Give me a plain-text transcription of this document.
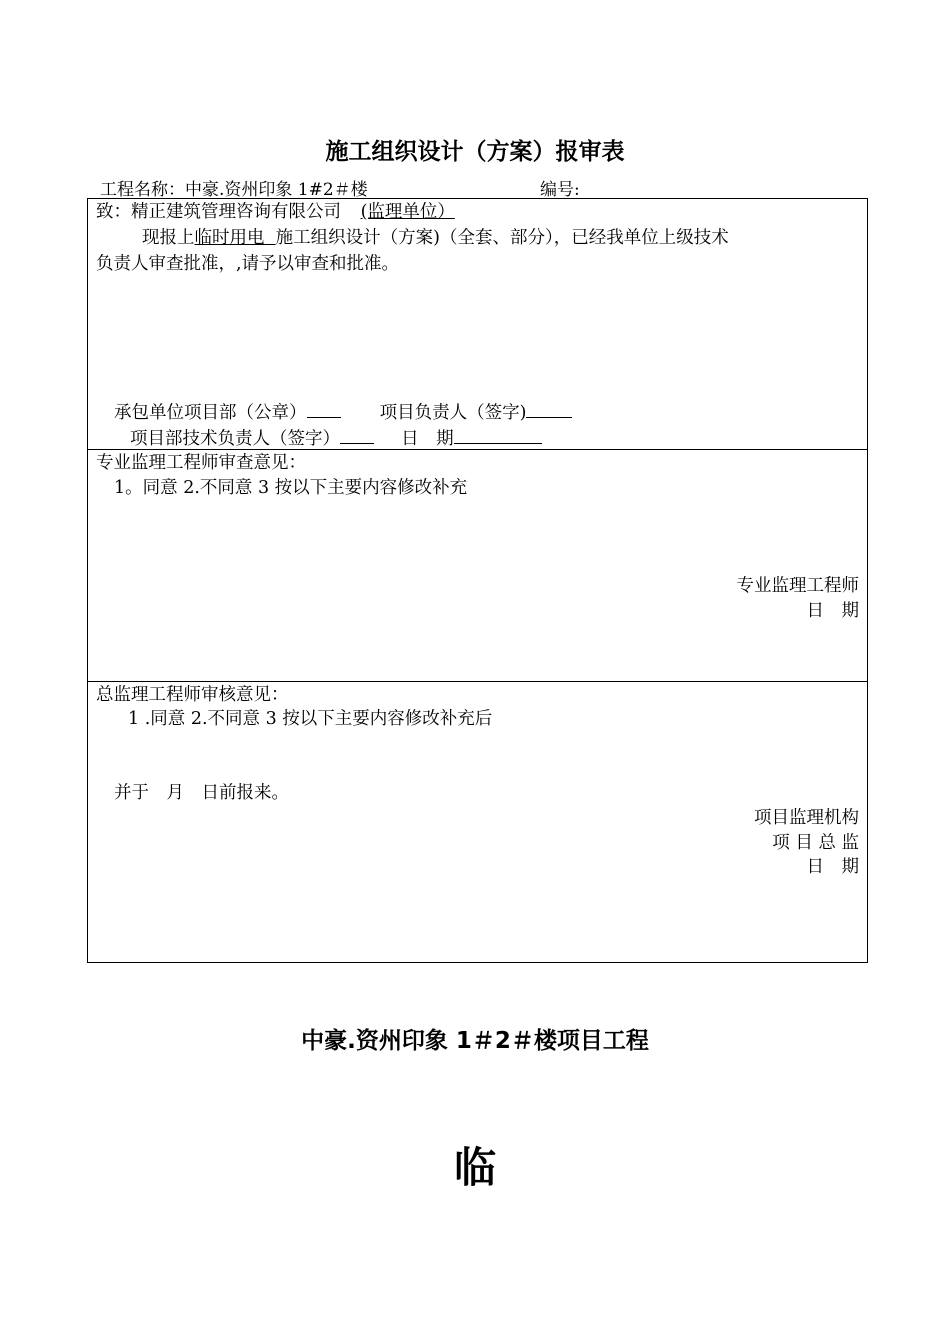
施工组织设计（方案）报审表
工程名称：中豪.资州印象 1#2＃楼	编号:
致：精正建筑管理咨询有限公司 (监理单位）
现报上临时用电 施工组织设计（方案)（全套、部分），已经我单位上级技术
负责人审查批准，,请予以审查和批准。
承包单位项目部（公章）	项目负责人（签字)
项目部技术负责人（签字）	日　期
专业监理工程师审查意见：
1。同意 2.不同意 3 按以下主要内容修改补充
专业监理工程师
日　期
总监理工程师审核意见：
1 .同意 2.不同意 3 按以下主要内容修改补充后
并于　月　日前报来。
项目监理机构
项 目 总 监
日　期
中豪.资州印象 1＃2＃楼项目工程
临
